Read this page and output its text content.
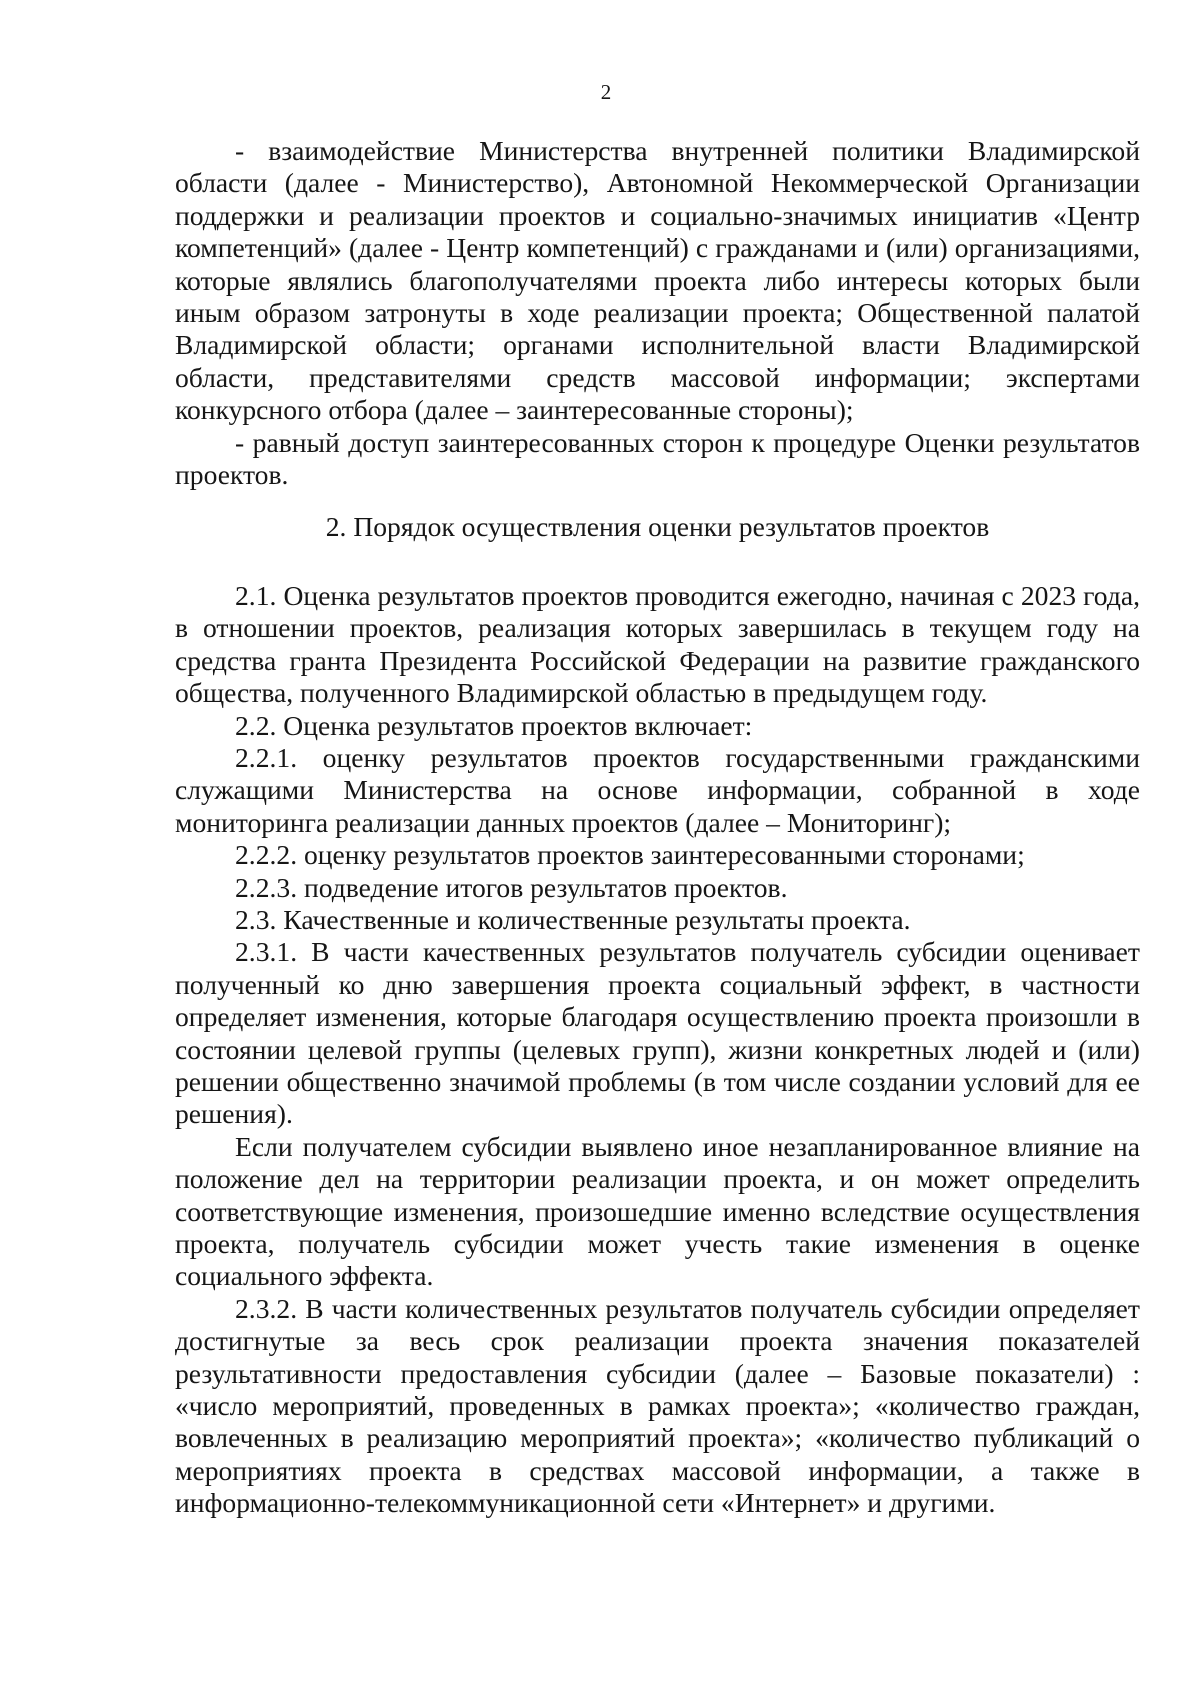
2

- взаимодействие Министерства внутренней политики Владимирской области (далее - Министерство), Автономной Некоммерческой Организации поддержки и реализации проектов и социально-значимых инициатив «Центр компетенций» (далее - Центр компетенций) с гражданами и (или) организациями, которые являлись благополучателями проекта либо интересы которых были иным образом затронуты в ходе реализации проекта; Общественной палатой Владимирской области; органами исполнительной власти Владимирской области, представителями средств массовой информации; экспертами конкурсного отбора (далее – заинтересованные стороны);

- равный доступ заинтересованных сторон к процедуре Оценки результатов проектов.

2. Порядок осуществления оценки результатов проектов

2.1. Оценка результатов проектов проводится ежегодно, начиная с 2023 года, в отношении проектов, реализация которых завершилась в текущем году на средства гранта Президента Российской Федерации на развитие гражданского общества, полученного Владимирской областью в предыдущем году.

2.2. Оценка результатов проектов включает:

2.2.1. оценку результатов проектов государственными гражданскими служащими Министерства на основе информации, собранной в ходе мониторинга реализации данных проектов (далее – Мониторинг);

2.2.2. оценку результатов проектов заинтересованными сторонами;

2.2.3. подведение итогов результатов проектов.

2.3. Качественные и количественные результаты проекта.

2.3.1. В части качественных результатов получатель субсидии оценивает полученный ко дню завершения проекта социальный эффект, в частности определяет изменения, которые благодаря осуществлению проекта произошли в состоянии целевой группы (целевых групп), жизни конкретных людей и (или) решении общественно значимой проблемы (в том числе создании условий для ее решения).

Если получателем субсидии выявлено иное незапланированное влияние на положение дел на территории реализации проекта, и он может определить соответствующие изменения, произошедшие именно вследствие осуществления проекта, получатель субсидии может учесть такие изменения в оценке социального эффекта.

2.3.2. В части количественных результатов получатель субсидии определяет достигнутые за весь срок реализации проекта значения показателей результативности предоставления субсидии (далее – Базовые показатели) : «число мероприятий, проведенных в рамках проекта»; «количество граждан, вовлеченных в реализацию мероприятий проекта»; «количество публикаций о мероприятиях проекта в средствах массовой информации, а также в информационно-телекоммуникационной сети «Интернет» и другими.
